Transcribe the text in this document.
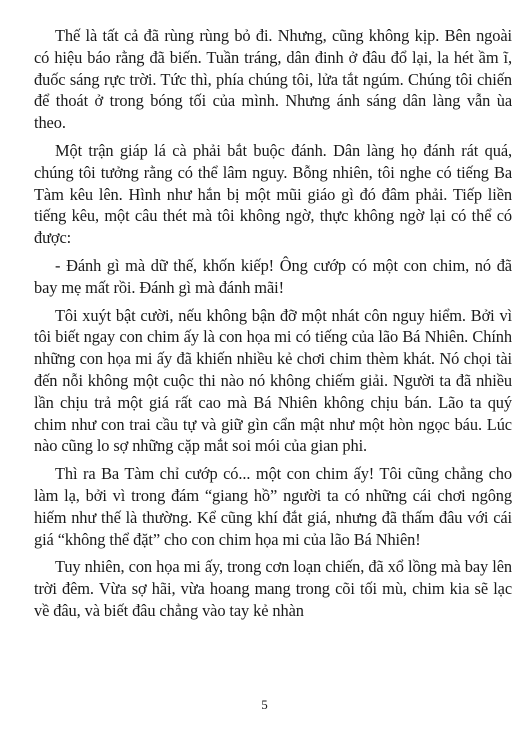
Thế là tất cả đã rùng rùng bỏ đi. Nhưng, cũng không kịp. Bên ngoài có hiệu báo rằng đã biến. Tuần tráng, dân đinh ở đâu đổ lại, la hét ầm ĩ, đuốc sáng rực trời. Tức thì, phía chúng tôi, lửa tắt ngúm. Chúng tôi chiến để thoát ở trong bóng tối của mình. Nhưng ánh sáng dân làng vẫn ùa theo.

Một trận giáp lá cà phải bắt buộc đánh. Dân làng họ đánh rát quá, chúng tôi tưởng rằng có thể lâm nguy. Bỗng nhiên, tôi nghe có tiếng Ba Tàm kêu lên. Hình như hắn bị một mũi giáo gì đó đâm phải. Tiếp liền tiếng kêu, một câu thét mà tôi không ngờ, thực không ngờ lại có thể có được:

- Đánh gì mà dữ thế, khốn kiếp! Ông cướp có một con chim, nó đã bay mẹ mất rồi. Đánh gì mà đánh mãi!

Tôi xuýt bật cười, nếu không bận đỡ một nhát côn nguy hiểm. Bởi vì tôi biết ngay con chim ấy là con họa mi có tiếng của lão Bá Nhiên. Chính những con họa mi ấy đã khiến nhiều kẻ chơi chim thèm khát. Nó chọi tài đến nỗi không một cuộc thi nào nó không chiếm giải. Người ta đã nhiều lần chịu trả một giá rất cao mà Bá Nhiên không chịu bán. Lão ta quý chim như con trai cầu tự và giữ gìn cẩn mật như một hòn ngọc báu. Lúc nào cũng lo sợ những cặp mắt soi mói của gian phi.

Thì ra Ba Tàm chỉ cướp có... một con chim ấy! Tôi cũng chẳng cho làm lạ, bởi vì trong đám “giang hồ” người ta có những cái chơi ngông hiếm như thế là thường. Kể cũng khí đắt giá, nhưng đã thấm đâu với cái giá “không thể đặt” cho con chim họa mi của lão Bá Nhiên!

Tuy nhiên, con họa mi ấy, trong cơn loạn chiến, đã xổ lồng mà bay lên trời đêm. Vừa sợ hãi, vừa hoang mang trong cõi tối mù, chim kia sẽ lạc về đâu, và biết đâu chẳng vào tay kẻ nhàn

5
